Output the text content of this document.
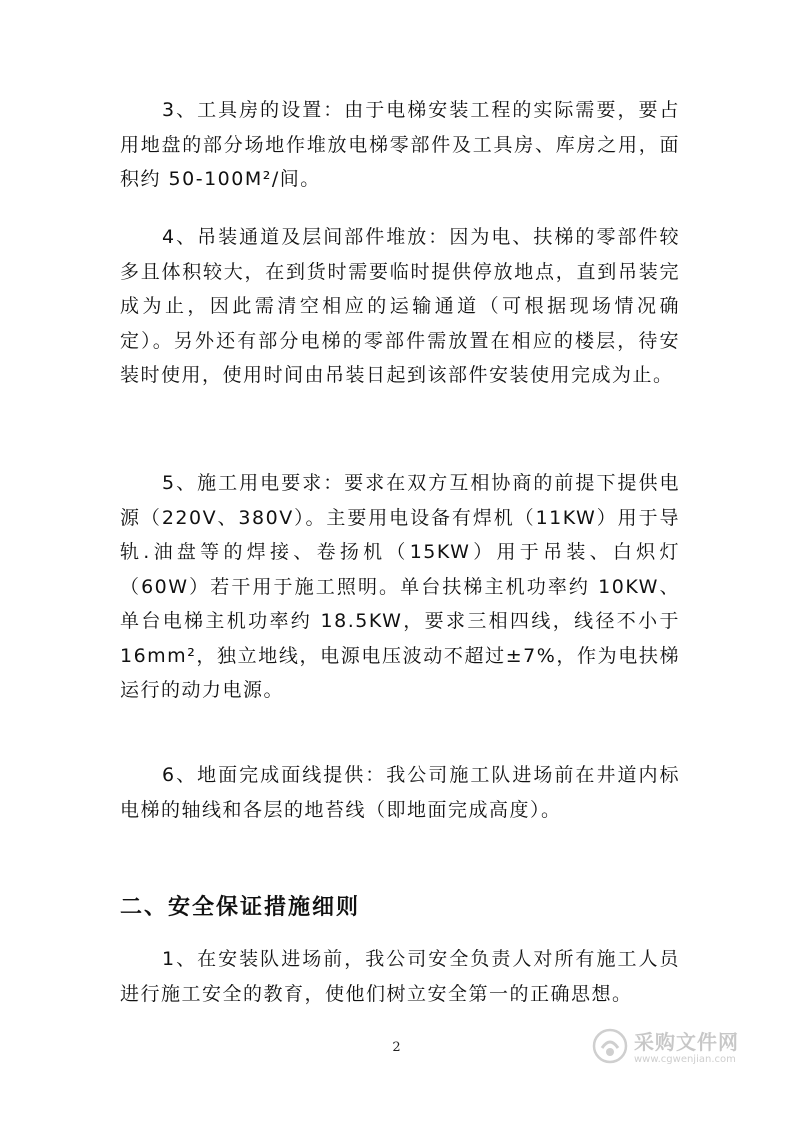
3、工具房的设置：由于电梯安装工程的实际需要，要占用地盘的部分场地作堆放电梯零部件及工具房、库房之用，面积约 50-100M²/间。

4、吊装通道及层间部件堆放：因为电、扶梯的零部件较多且体积较大，在到货时需要临时提供停放地点，直到吊装完成为止，因此需清空相应的运输通道（可根据现场情况确定）。另外还有部分电梯的零部件需放置在相应的楼层，待安装时使用，使用时间由吊装日起到该部件安装使用完成为止。

5、施工用电要求：要求在双方互相协商的前提下提供电源（220V、380V）。主要用电设备有焊机（11KW）用于导轨.油盘等的焊接、卷扬机（15KW）用于吊装、白炽灯（60W）若干用于施工照明。单台扶梯主机功率约 10KW、单台电梯主机功率约 18.5KW，要求三相四线，线径不小于 16mm²，独立地线，电源电压波动不超过±7%，作为电扶梯运行的动力电源。

6、地面完成面线提供：我公司施工队进场前在井道内标电梯的轴线和各层的地苔线（即地面完成高度）。

二、安全保证措施细则

1、在安装队进场前，我公司安全负责人对所有施工人员进行施工安全的教育，使他们树立安全第一的正确思想。

2	采购文件网
www.cgwenjian.com
